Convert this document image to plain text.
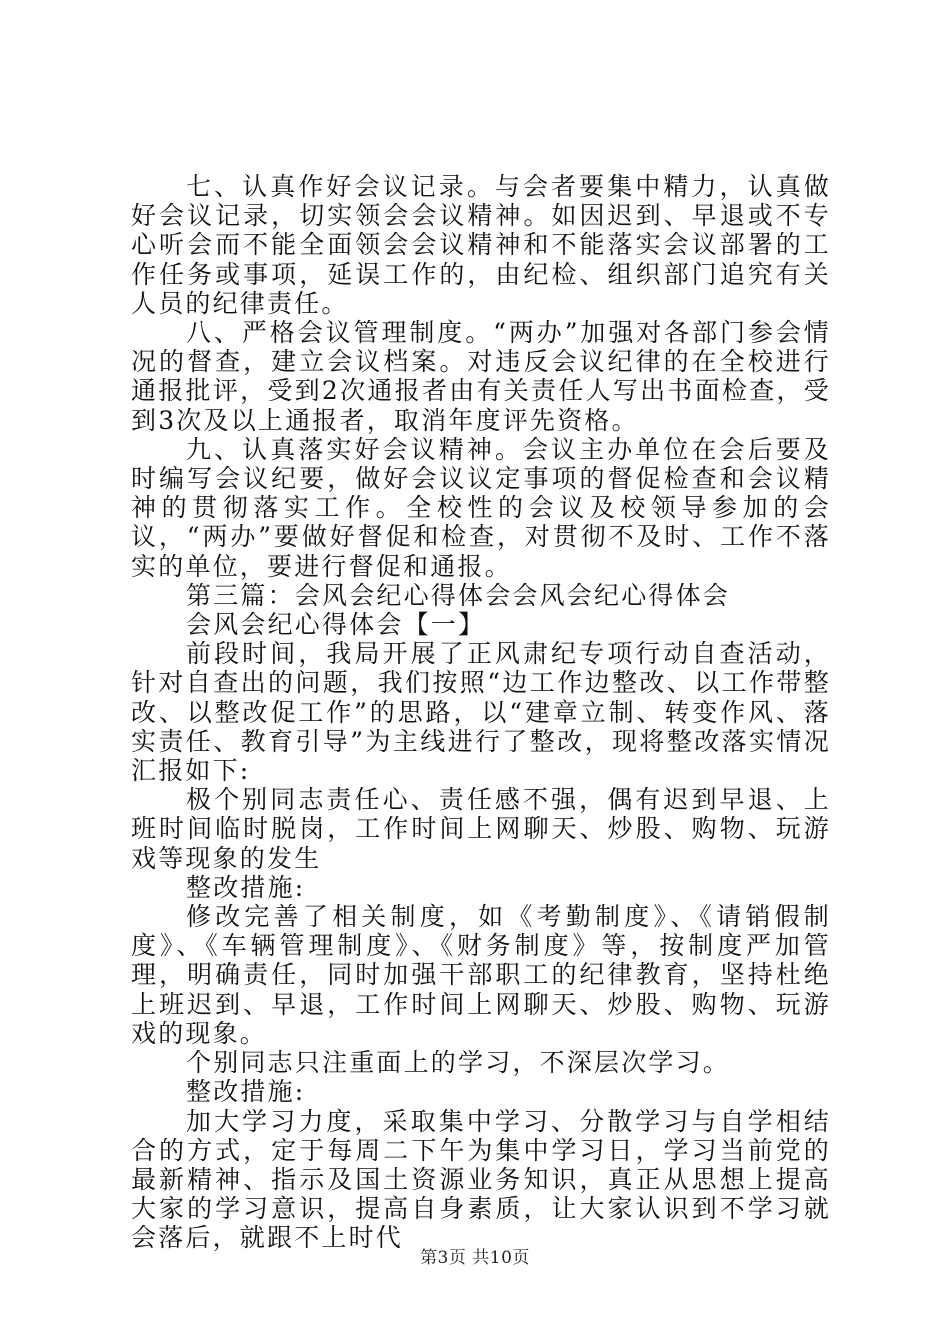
七、认真作好会议记录。与会者要集中精力，认真做好会议记录，切实领会会议精神。如因迟到、早退或不专心听会而不能全面领会会议精神和不能落实会议部署的工作任务或事项，延误工作的，由纪检、组织部门追究有关人员的纪律责任。

八、严格会议管理制度。“两办”加强对各部门参会情况的督查，建立会议档案。对违反会议纪律的在全校进行通报批评，受到2次通报者由有关责任人写出书面检查，受到3次及以上通报者，取消年度评先资格。

九、认真落实好会议精神。会议主办单位在会后要及时编写会议纪要，做好会议议定事项的督促检查和会议精神的贯彻落实工作。全校性的会议及校领导参加的会议，“两办”要做好督促和检查，对贯彻不及时、工作不落实的单位，要进行督促和通报。

第三篇：会风会纪心得体会会风会纪心得体会

会风会纪心得体会【一】

前段时间，我局开展了正风肃纪专项行动自查活动，针对自查出的问题，我们按照“边工作边整改、以工作带整改、以整改促工作”的思路，以“建章立制、转变作风、落实责任、教育引导”为主线进行了整改，现将整改落实情况汇报如下:

极个别同志责任心、责任感不强，偶有迟到早退、上班时间临时脱岗，工作时间上网聊天、炒股、购物、玩游戏等现象的发生

整改措施:

修改完善了相关制度，如《考勤制度》、《请销假制度》、《车辆管理制度》、《财务制度》等，按制度严加管理，明确责任，同时加强干部职工的纪律教育，坚持杜绝上班迟到、早退，工作时间上网聊天、炒股、购物、玩游戏的现象。

个别同志只注重面上的学习，不深层次学习。

整改措施:

加大学习力度，采取集中学习、分散学习与自学相结合的方式，定于每周二下午为集中学习日，学习当前党的最新精神、指示及国土资源业务知识，真正从思想上提高大家的学习意识，提高自身素质，让大家认识到不学习就会落后，就跟不上时代

第3页 共10页
